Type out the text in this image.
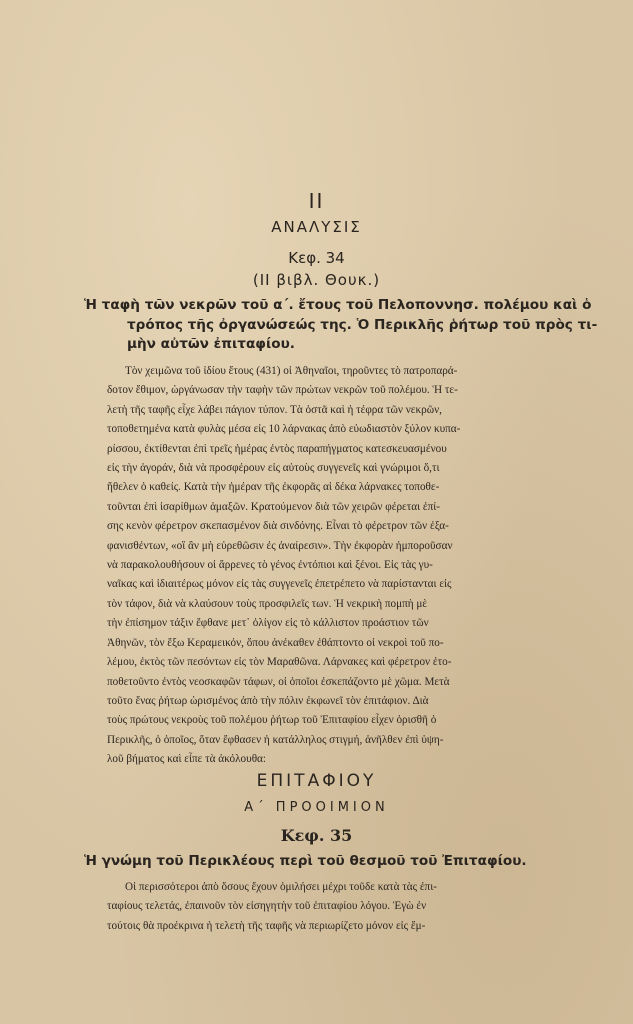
II
ΑΝΑΛΥΣΙΣ
Κεφ. 34
(II βιβλ. Θουκ.)
Ἡ ταφὴ τῶν νεκρῶν τοῦ α΄. ἔτους τοῦ Πελοποννησ. πολέμου καὶ ὁ
τρόπος τῆς ὀργανώσεώς της. Ὁ Περικλῆς ῥήτωρ τοῦ πρὸς τι-
μὴν αὐτῶν ἐπιταφίου.
Τὸν χειμῶνα τοῦ ἰδίου ἔτους (431) οἱ Ἀθηναῖοι, τηροῦντες τὸ πατροπαρά-
δοτον ἔθιμον, ὠργάνωσαν τὴν ταφὴν τῶν πρώτων νεκρῶν τοῦ πολέμου. Ἡ τε-
λετὴ τῆς ταφῆς εἶχε λάβει πάγιον τύπον. Τὰ ὀστᾶ καὶ ἡ τέφρα τῶν νεκρῶν,
τοποθετημένα κατὰ φυλὰς μέσα εἰς 10 λάρνακας ἀπὸ εὐωδιαστὸν ξύλον κυπα-
ρίσσου, ἐκτίθενται ἐπὶ τρεῖς ἡμέρας ἐντὸς παραπήγματος κατεσκευασμένου
εἰς τὴν ἀγοράν, διὰ νὰ προσφέρουν εἰς αὐτοὺς συγγενεῖς καὶ γνώριμοι ὅ,τι
ἤθελεν ὁ καθείς. Κατὰ τὴν ἡμέραν τῆς ἐκφορᾶς αἱ δέκα λάρνακες τοποθε-
τοῦνται ἐπὶ ἰσαρίθμων ἁμαξῶν. Κρατούμενον διὰ τῶν χειρῶν φέρεται ἐπί-
σης κενὸν φέρετρον σκεπασμένον διὰ σινδόνης. Εἶναι τὸ φέρετρον τῶν ἐξα-
φανισθέντων, «οἳ ἂν μὴ εὑρεθῶσιν ἐς ἀναίρεσιν». Τὴν ἐκφορὰν ἠμποροῦσαν
νὰ παρακολουθήσουν οἱ ἄρρενες τὸ γένος ἐντόπιοι καὶ ξένοι. Εἰς τὰς γυ-
ναῖκας καὶ ἰδιαιτέρως μόνον εἰς τὰς συγγενεῖς ἐπετρέπετο νὰ παρίστανται εἰς
τὸν τάφον, διὰ νὰ κλαύσουν τοὺς προσφιλεῖς των. Ἡ νεκρικὴ πομπὴ μὲ
τὴν ἐπίσημον τάξιν ἔφθανε μετ᾽ ὀλίγον εἰς τὸ κάλλιστον προάστιον τῶν
Ἀθηνῶν, τὸν ἔξω Κεραμεικόν, ὅπου ἀνέκαθεν ἐθάπτοντο οἱ νεκροὶ τοῦ πο-
λέμου, ἐκτὸς τῶν πεσόντων εἰς τὸν Μαραθῶνα. Λάρνακες καὶ φέρετρον ἐτο-
ποθετοῦντο ἐντὸς νεοσκαφῶν τάφων, οἱ ὁποῖοι ἐσκεπάζοντο μὲ χῶμα. Μετὰ
τοῦτο ἕνας ῥήτωρ ὡρισμένος ἀπὸ τὴν πόλιν ἐκφωνεῖ τὸν ἐπιτάφιον. Διὰ
τοὺς πρώτους νεκροὺς τοῦ πολέμου ῥήτωρ τοῦ Ἐπιταφίου εἶχεν ὁρισθῆ ὁ
Περικλῆς, ὁ ὁποῖος, ὅταν ἔφθασεν ἡ κατάλληλος στιγμή, ἀνῆλθεν ἐπὶ ὑψη-
λοῦ βήματος καὶ εἶπε τὰ ἀκόλουθα:
ΕΠΙΤΑΦΙΟΥ
Α΄ ΠΡΟΟΙΜΙΟΝ
Κεφ. 35
Ἡ γνώμη τοῦ Περικλέους περὶ τοῦ θεσμοῦ τοῦ Ἐπιταφίου.
Οἱ περισσότεροι ἀπὸ ὅσους ἔχουν ὁμιλήσει μέχρι τοῦδε κατὰ τὰς ἐπι-
ταφίους τελετάς, ἐπαινοῦν τὸν εἰσηγητὴν τοῦ ἐπιταφίου λόγου. Ἐγὼ ἐν
τούτοις θὰ προέκρινα ἡ τελετὴ τῆς ταφῆς νὰ περιωρίζετο μόνον εἰς ἔμ-
